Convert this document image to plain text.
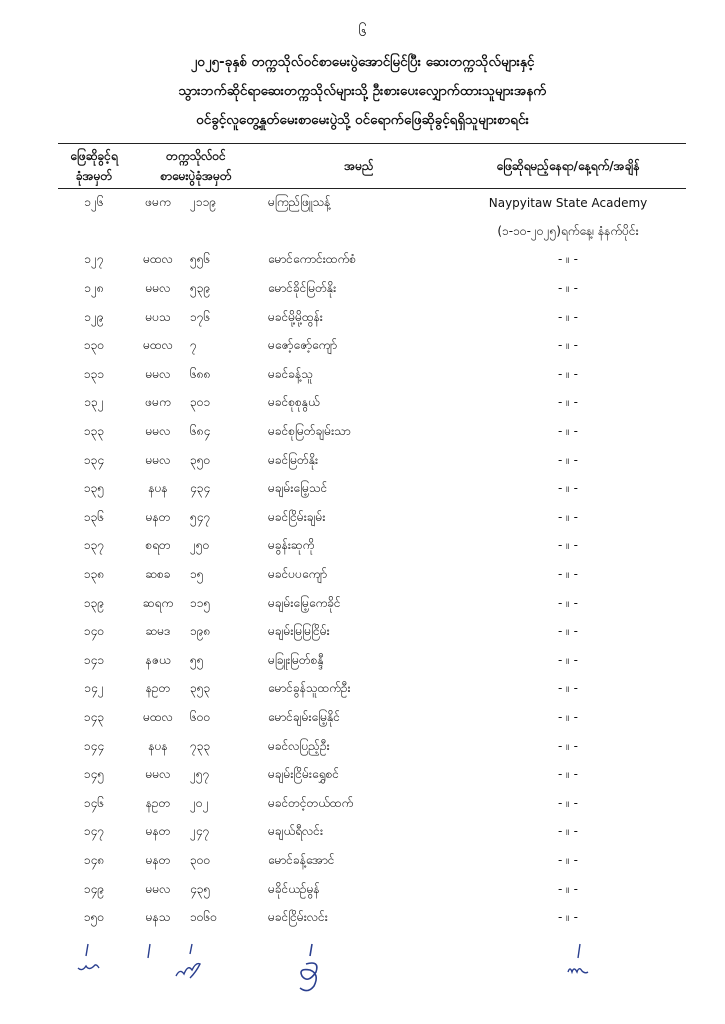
၆
၂၀၂၅-ခုနှစ် တက္ကသိုလ်ဝင်စာမေးပွဲအောင်မြင်ပြီး ဆေးတက္ကသိုလ်များနှင့်
သွားဘက်ဆိုင်ရာဆေးတက္ကသိုလ်များသို့ ဦးစားပေးလျှောက်ထားသူများအနက်
ဝင်ခွင့်လူတွေ့နှုတ်မေးစာမေးပွဲသို့ ဝင်ရောက်ဖြေဆိုခွင့်ရရှိသူများစာရင်း
ဖြေဆိုခွင့်ရ
ခုံအမှတ်	တက္ကသိုလ်ဝင်
စာမေးပွဲခုံအမှတ်		အမည်	ဖြေဆိုရမည့်နေရာ/နေ့ရက်/အချိန်
၁၂၆	ဖမက	၂၁၁၉	မကြည်ဖြူသန့်	Naypyitaw State Academy
				(၁-၁၀-၂၀၂၅)ရက်နေ့၊ နံနက်ပိုင်း
၁၂၇	မထလ	၅၅၆	မောင်ကောင်းထက်စံ	- ။ -
၁၂၈	မမလ	၅၃၉	မောင်ခိုင်မြတ်နိုး	- ။ -
၁၂၉	မပသ	၁၇၆	မခင်မို့မို့ထွန်း	- ။ -
၁၃၀	မထလ	၇	မဇော့်ဇော့်ကျော်	- ။ -
၁၃၁	မမလ	၆၈၈	မခင်ခန့်သူ	- ။ -
၁၃၂	ဖမက	၃၀၁	မခင်စုစုနွယ်	- ။ -
၁၃၃	မမလ	၆၈၄	မခင်စုမြတ်ချမ်းသာ	- ။ -
၁၃၄	မမလ	၃၅၀	မခင်မြတ်နိုး	- ။ -
၁၃၅	နပန	၄၃၄	မချမ်းမြေ့သင်	- ။ -
၁၃၆	မနတ	၅၄၇	မခင်ငြိမ်းချမ်း	- ။ -
၁၃၇	စရတ	၂၅၀	မခွန်းဆုကို	- ။ -
၁၃၈	ဆစခ	၁၅	မခင်ပပကျော်	- ။ -
၁၃၉	ဆရက	၁၁၅	မချမ်းမြေ့ကေခိုင်	- ။ -
၁၄၀	ဆမဒ	၁၉၈	မချမ်းမြမြငြိမ်း	- ။ -
၁၄၁	နဇယ	၅၅	မခြူးမြတ်စန္ဒီ	- ။ -
၁၄၂	နဥတ	၃၅၃	မောင်ခွန်သူထက်ဦး	- ။ -
၁၄၃	မထလ	၆၀၀	မောင်ချမ်းမြေ့နိုင်	- ။ -
၁၄၄	နပန	၇၃၃	မခင်လပြည့်ဦး	- ။ -
၁၄၅	မမလ	၂၅၇	မချမ်းငြိမ်းရွှေစင်	- ။ -
၁၄၆	နဥတ	၂၀၂	မခင်တင့်တယ်ထက်	- ။ -
၁၄၇	မနတ	၂၄၇	မချယ်ရီလင်း	- ။ -
၁၄၈	မနတ	၃၀၀	မောင်ခန့်အောင်	- ။ -
၁၄၉	မမလ	၄၃၅	မခိုင်ယဉ်မွန်	- ။ -
၁၅၀	မနသ	၁၀၆၀	မခင်ငြိမ်းလင်း	- ။ -
